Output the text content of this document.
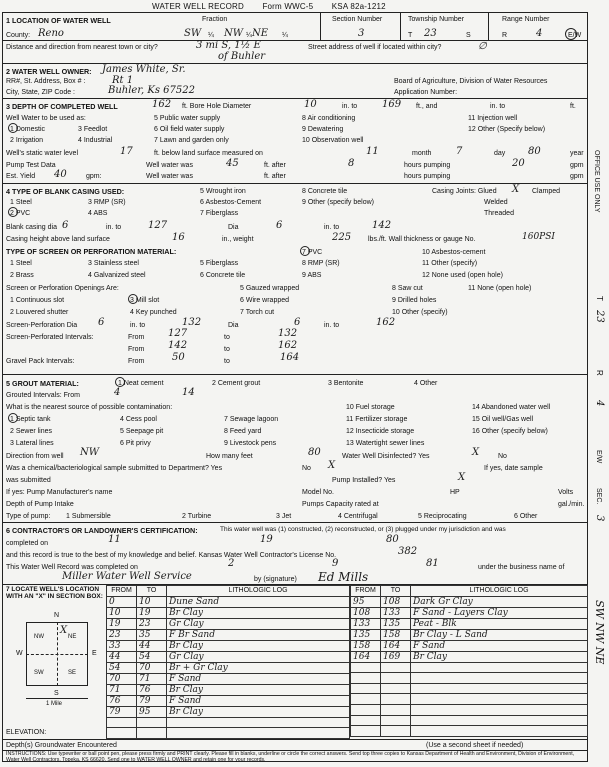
WATER WELL RECORD Form WWC-5 KSA 82a-1212
1 LOCATION OF WATER WELL
County: Reno
Fraction
SW ¼ NW ¼ NE ¼
Section Number
3
Township Number
T 23	S
Range Number
R	4	E/W
Distance and direction from nearest town or city?	3 mi S, 1½ E
of Buhler
Street address of well if located within city?	∅
2 WATER WELL OWNER: James White, Sr.
RR#, St. Address, Box # :	Rt 1
City, State, ZIP Code :	Buhler, Ks 67522
Board of Agriculture, Division of Water Resources
Application Number:
3 DEPTH OF COMPLETED WELL	162 ft. Bore Hole Diameter	10	in. to 169 ft., and	in. to	ft.
Well Water to be used as:
1 Domestic	3 Feedlot
5 Public water supply	8 Air conditioning	11 Injection well
2 Irrigation	4 Industrial
6 Oil field water supply	9 Dewatering	12 Other (Specify below)
7 Lawn and garden only	10 Observation well
Well's static water level	17	ft. below land surface measured on	11	month 7	day 80	year
Pump Test Data	Well water was	45	ft. after	8	hours pumping	20	gpm
Est. Yield 40	gpm:	Well water was	ft. after	hours pumping	gpm
4 TYPE OF BLANK CASING USED:
1 Steel	3 RMP (SR)
5 Wrought iron	8 Concrete tile
2 PVC	4 ABS
6 Asbestos-Cement	9 Other (specify below)
7 Fiberglass
Casing Joints: Glued X Clamped
Welded
Threaded
Blank casing dia 6	in. to	127	Dia	6	in. to	142
Casing height above land surface	16	in., weight	225 lbs./ft. Wall thickness or gauge No.	160PSI
TYPE OF SCREEN OR PERFORATION MATERIAL:
1 Steel	3 Stainless steel	5 Fiberglass
7 PVC	10 Asbestos-cement
2 Brass	4 Galvanized steel	6 Concrete tile
8 RMP (SR)	11 Other (specify)
9 ABS	12 None used (open hole)
Screen or Perforation Openings Are:	5 Gauzed wrapped	8 Saw cut	11 None (open hole)
1 Continuous slot	3 Mill slot	6 Wire wrapped	9 Drilled holes
2 Louvered shutter	4 Key punched	7 Torch cut	10 Other (specify)
Screen-Perforation Dia 6	in. to	132	Dia	6	in. to	162
Screen-Perforated Intervals:	From 127	to	132
From 142	to	162
Gravel Pack Intervals:	From	50	to	164
5 GROUT MATERIAL:	1 Neat cement	2 Cement grout	3 Bentonite	4 Other
Grouted Intervals: From	4	14
What is the nearest source of possible contamination:
1 Septic tank	4 Cess pool	7 Sewage lagoon
10 Fuel storage	14 Abandoned water well
2 Sewer lines	5 Seepage pit	8 Feed yard
11 Fertilizer storage	15 Oil well/Gas well
3 Lateral lines	6 Pit privy	9 Livestock pens
12 Insecticide storage	16 Other (specify below)
13 Watertight sewer lines
Direction from well NW	How many feet	80	Water Well Disinfected? Yes	X	No
Was a chemical/bacteriological sample submitted to Department? Yes	No X	If yes, date sample
was submitted	Pump Installed? Yes	X
If yes: Pump Manufacturer's name	Model No.	HP	Volts
Depth of Pump Intake	Pumps Capacity rated at	gal./min.
Type of pump: 1 Submersible	2 Turbine	3 Jet	4 Centrifugal	5 Reciprocating	6 Other
6 CONTRACTOR'S OR LANDOWNER'S CERTIFICATION:	This water well was (1) constructed, (2) reconstructed, or (3) plugged under my jurisdiction and was
completed on	11	19	80
and this record is true to the best of my knowledge and belief. Kansas Water Well Contractor's License No.	382
This Water Well Record was completed on	2	9	81	under the business name of
Miller Water Well Service	by (signature) Ed Mills
7 LOCATE WELL'S LOCATION WITH AN "X" IN SECTION BOX:
N
S
W	E
NW	NE
SW	SE
X
1 Mile
ELEVATION:
FROM	TO	LITHOLOGIC LOG
0	10	Dune Sand
10	19	Br Clay
19	23	Gr Clay
23	35	F Br Sand
33	44	Br Clay
44	54	Gr Clay
54	70	Br + Gr Clay
70	71	F Sand
71	76	Br Clay
76	79	F Sand
79	95	Br Clay

FROM	TO	LITHOLOGIC LOG
95	108	Dark Gr Clay
108	133	F Sand - Layers Clay
133	135	Peat - Blk
135	158	Br Clay - L Sand
158	164	F Sand
164	169	Br Clay

Depth(s) Groundwater Encountered	(Use a second sheet if needed)
INSTRUCTIONS: Use typewriter or ball point pen, please press firmly and PRINT clearly. Please fill in blanks, underline or circle the correct answers. Send top three copies to Kansas Department of Health and Environment, Division of Environment, Water Well Contractors, Topeka, KS 66620. Send one to WATER WELL OWNER and retain one for your records.
OFFICE USE ONLY
T
23
R
4
E/W
SEC.
3
SW NW NE
